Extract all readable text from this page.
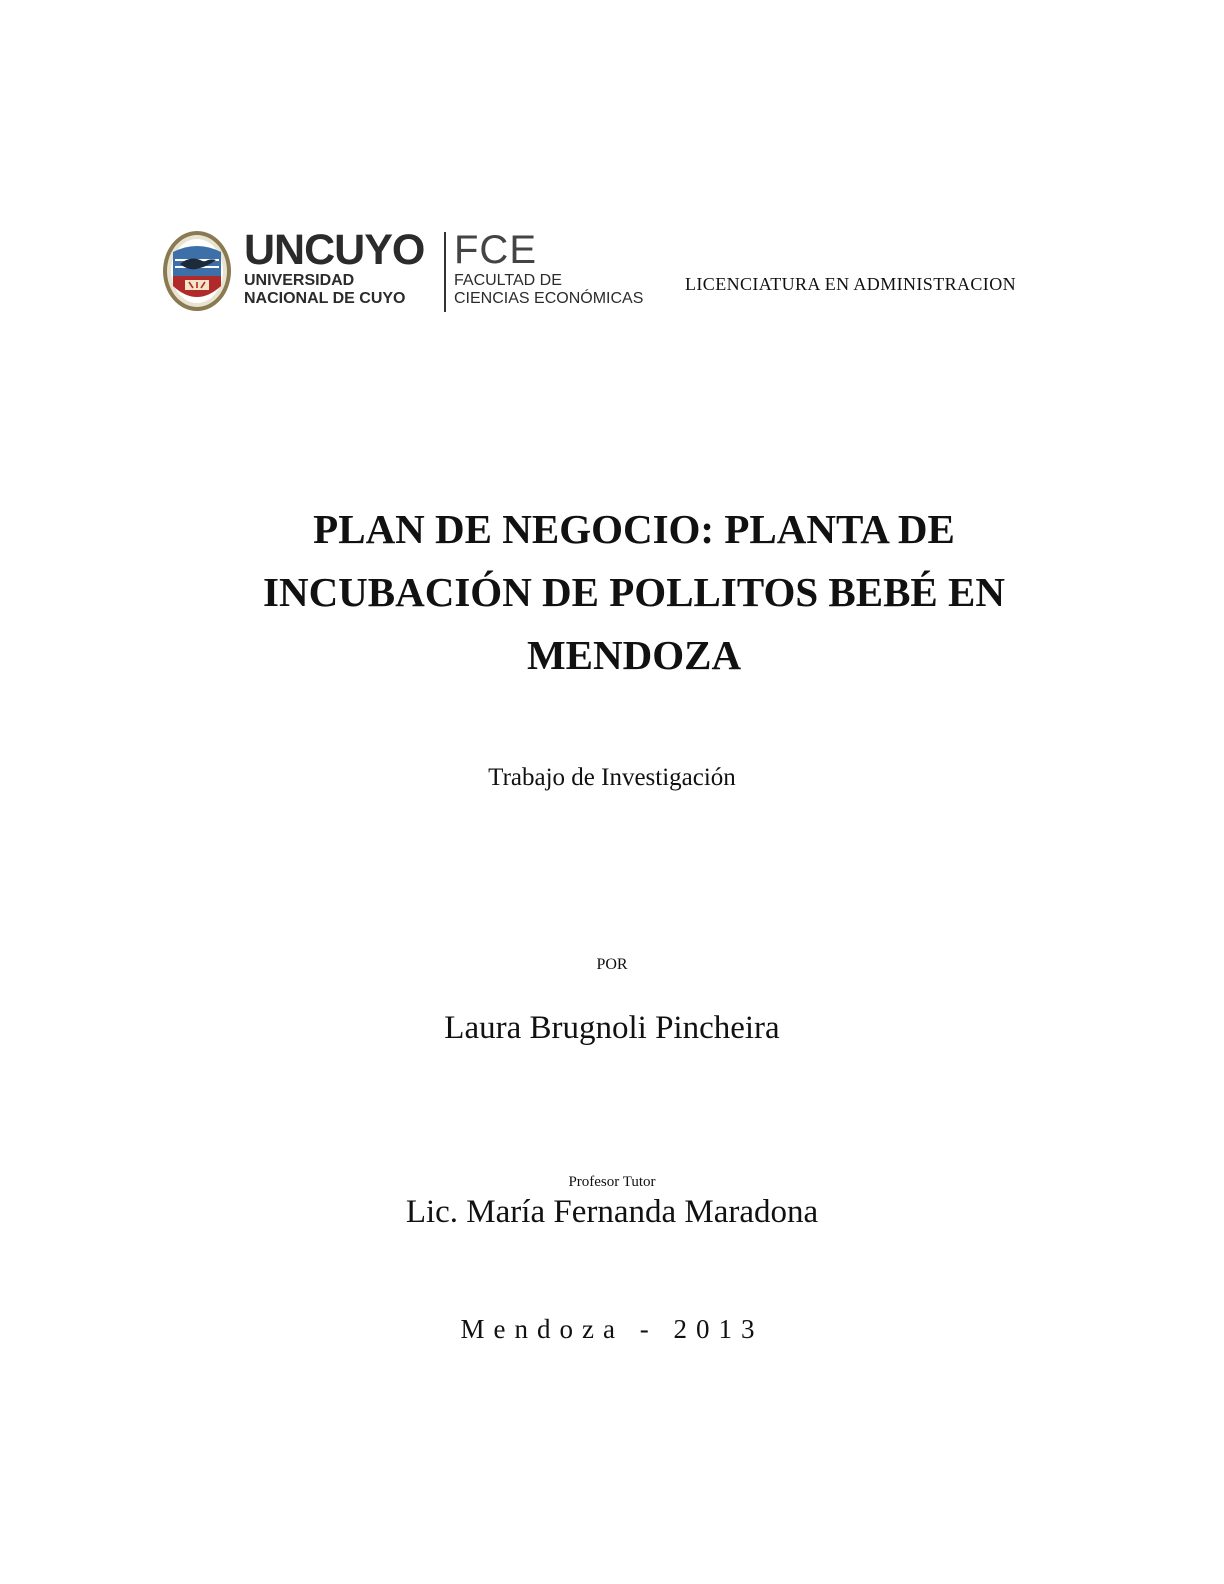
UNCUYO
UNIVERSIDAD
NACIONAL DE CUYO
FCE
FACULTAD DE
CIENCIAS ECONÓMICAS
LICENCIATURA EN ADMINISTRACION
PLAN DE NEGOCIO: PLANTA DE
INCUBACIÓN DE POLLITOS BEBÉ EN
MENDOZA
Trabajo de Investigación
POR
Laura Brugnoli Pincheira
Profesor Tutor
Lic. María Fernanda Maradona
Mendoza - 2013
